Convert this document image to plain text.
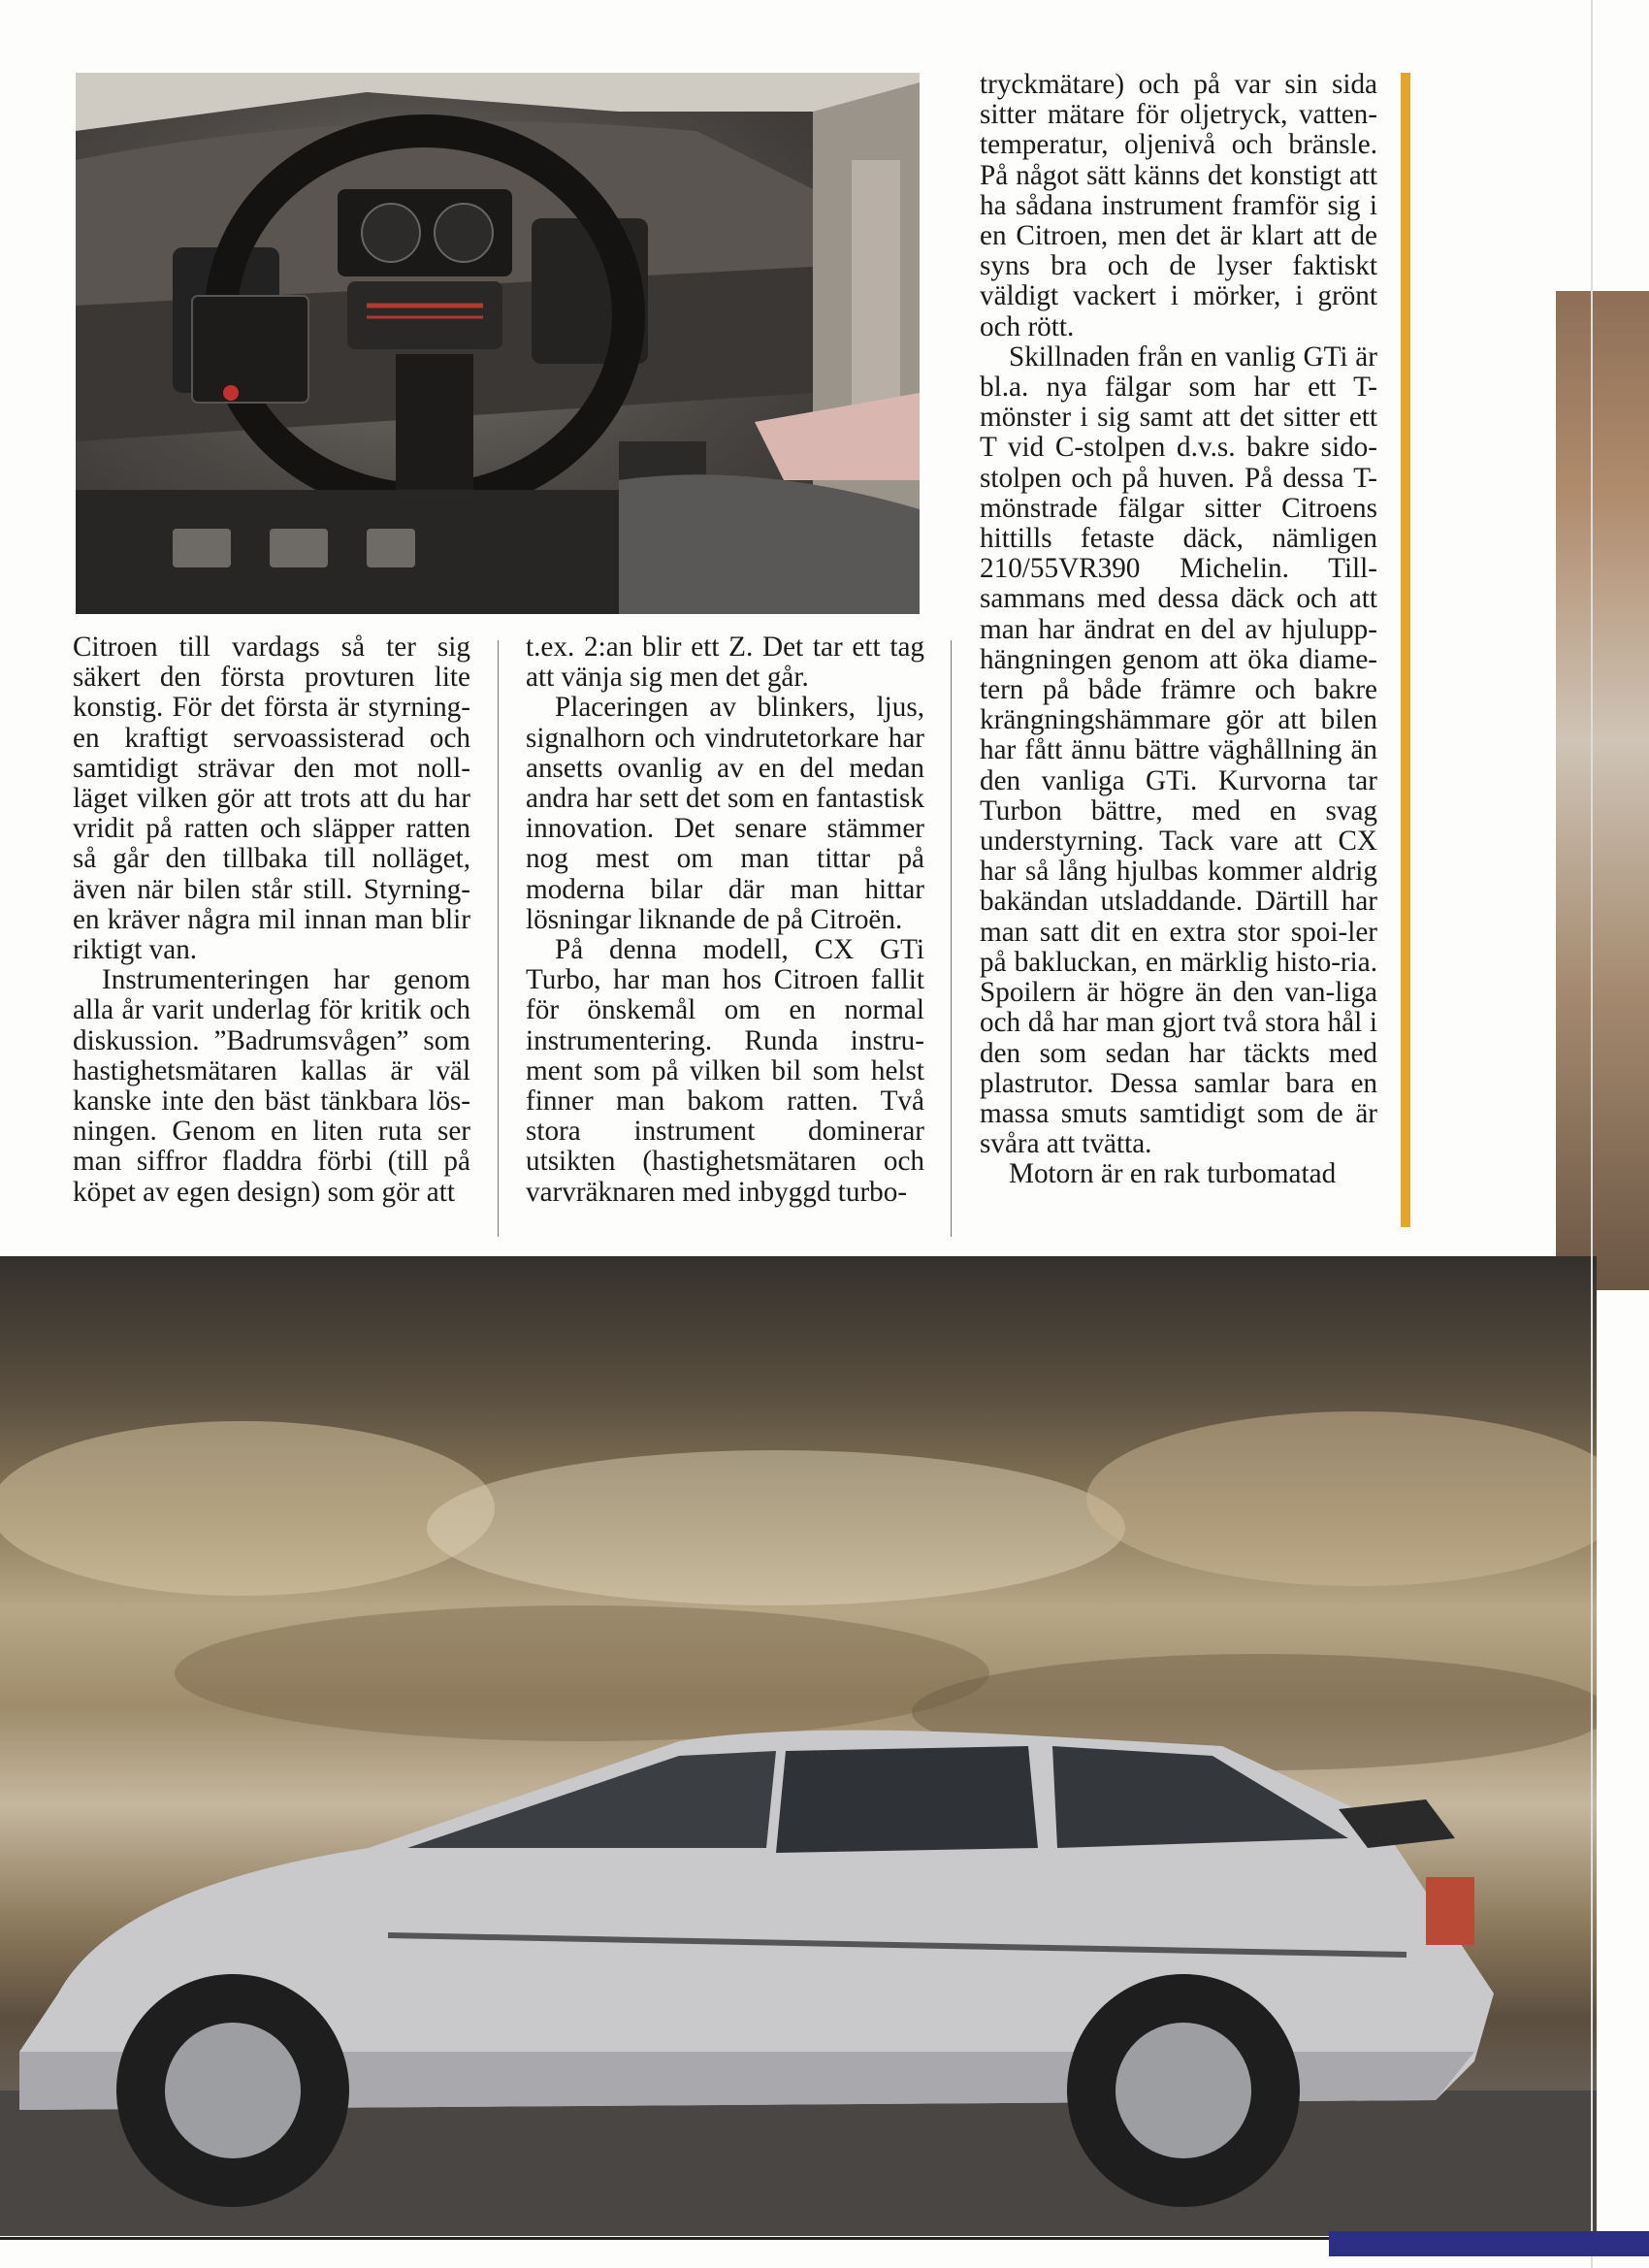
Citroen till vardags så ter sig säkert den första provturen lite konstig. För det första är styrning-en kraftigt servoassisterad och samtidigt strävar den mot noll-läget vilken gör att trots att du har vridit på ratten och släpper ratten så går den tillbaka till nolläget, även när bilen står still. Styrning-en kräver några mil innan man blir riktigt van.

Instrumenteringen har genom alla år varit underlag för kritik och diskussion. ”Badrumsvågen” som hastighetsmätaren kallas är väl kanske inte den bäst tänkbara lös-ningen. Genom en liten ruta ser man siffror fladdra förbi (till på köpet av egen design) som gör att

t.ex. 2:an blir ett Z. Det tar ett tag att vänja sig men det går.

Placeringen av blinkers, ljus, signalhorn och vindrutetorkare har ansetts ovanlig av en del medan andra har sett det som en fantastisk innovation. Det senare stämmer nog mest om man tittar på moderna bilar där man hittar lösningar liknande de på Citroën.

På denna modell, CX GTi Turbo, har man hos Citroen fallit för önskemål om en normal instrumentering. Runda instru-ment som på vilken bil som helst finner man bakom ratten. Två stora instrument dominerar utsikten (hastighetsmätaren och varvräknaren med inbyggd turbo-

tryckmätare) och på var sin sida sitter mätare för oljetryck, vatten-temperatur, oljenivå och bränsle. På något sätt känns det konstigt att ha sådana instrument framför sig i en Citroen, men det är klart att de syns bra och de lyser faktiskt väldigt vackert i mörker, i grönt och rött.

Skillnaden från en vanlig GTi är bl.a. nya fälgar som har ett T-mönster i sig samt att det sitter ett T vid C-stolpen d.v.s. bakre sido-stolpen och på huven. På dessa T-mönstrade fälgar sitter Citroens hittills fetaste däck, nämligen 210/55VR390 Michelin. Till-sammans med dessa däck och att man har ändrat en del av hjulupp-hängningen genom att öka diame-tern på både främre och bakre krängningshämmare gör att bilen har fått ännu bättre väghållning än den vanliga GTi. Kurvorna tar Turbon bättre, med en svag understyrning. Tack vare att CX har så lång hjulbas kommer aldrig bakändan utsladdande. Därtill har man satt dit en extra stor spoi-ler på bakluckan, en märklig histo-ria. Spoilern är högre än den van-liga och då har man gjort två stora hål i den som sedan har täckts med plastrutor. Dessa samlar bara en massa smuts samtidigt som de är svåra att tvätta.

Motorn är en rak turbomatad
